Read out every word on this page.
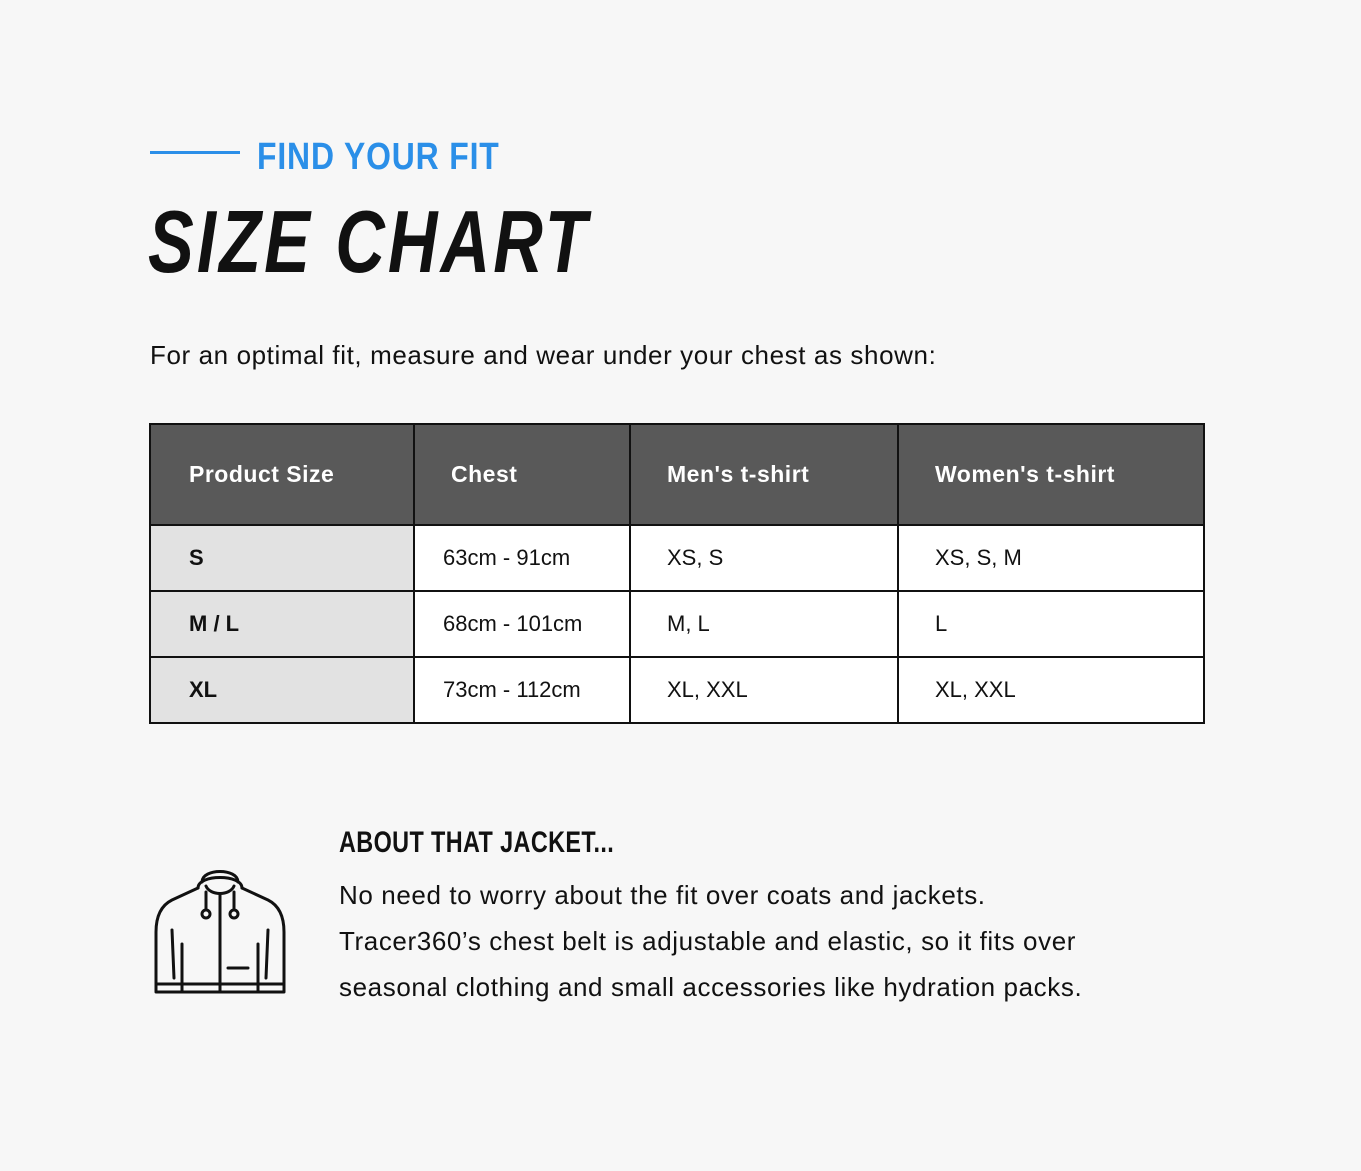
FIND YOUR FIT
SIZE CHART
For an optimal fit, measure and wear under your chest as shown:
Product Size	Chest	Men's t-shirt	Women's t-shirt
S	63cm - 91cm	XS, S	XS, S, M
M / L	68cm - 101cm	M, L	L
XL	73cm - 112cm	XL, XXL	XL, XXL
ABOUT THAT JACKET...
No need to worry about the fit over coats and jackets.
Tracer360’s chest belt is adjustable and elastic, so it fits over
seasonal clothing and small accessories like hydration packs.
